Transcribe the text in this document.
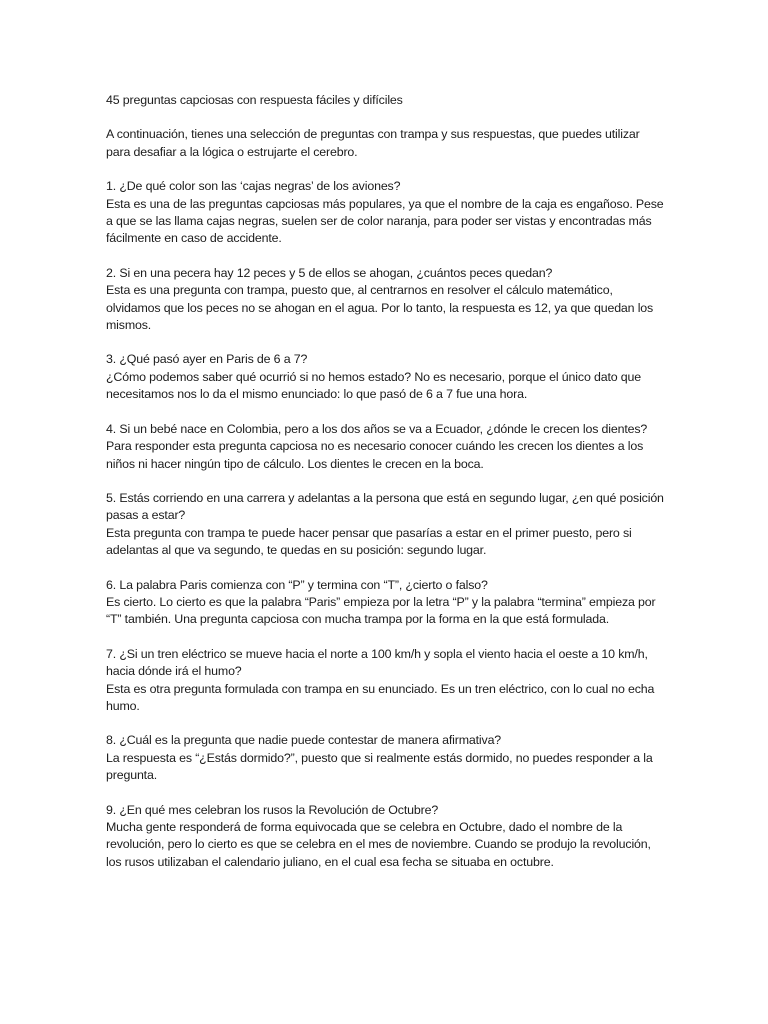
45 preguntas capciosas con respuesta fáciles y difíciles

A continuación, tienes una selección de preguntas con trampa y sus respuestas, que puedes utilizar para desafiar a la lógica o estrujarte el cerebro.

1. ¿De qué color son las ‘cajas negras’ de los aviones?

Esta es una de las preguntas capciosas más populares, ya que el nombre de la caja es engañoso. Pese a que se las llama cajas negras, suelen ser de color naranja, para poder ser vistas y encontradas más fácilmente en caso de accidente.

2. Si en una pecera hay 12 peces y 5 de ellos se ahogan, ¿cuántos peces quedan?

Esta es una pregunta con trampa, puesto que, al centrarnos en resolver el cálculo matemático, olvidamos que los peces no se ahogan en el agua. Por lo tanto, la respuesta es 12, ya que quedan los mismos.

3. ¿Qué pasó ayer en Paris de 6 a 7?

¿Cómo podemos saber qué ocurrió si no hemos estado? No es necesario, porque el único dato que necesitamos nos lo da el mismo enunciado: lo que pasó de 6 a 7 fue una hora.

4. Si un bebé nace en Colombia, pero a los dos años se va a Ecuador, ¿dónde le crecen los dientes?

Para responder esta pregunta capciosa no es necesario conocer cuándo les crecen los dientes a los niños ni hacer ningún tipo de cálculo. Los dientes le crecen en la boca.

5. Estás corriendo en una carrera y adelantas a la persona que está en segundo lugar, ¿en qué posición pasas a estar?

Esta pregunta con trampa te puede hacer pensar que pasarías a estar en el primer puesto, pero si adelantas al que va segundo, te quedas en su posición: segundo lugar.

6. La palabra Paris comienza con “P” y termina con “T”, ¿cierto o falso?

Es cierto. Lo cierto es que la palabra “Paris” empieza por la letra “P” y la palabra “termina” empieza por “T” también. Una pregunta capciosa con mucha trampa por la forma en la que está formulada.

7. ¿Si un tren eléctrico se mueve hacia el norte a 100 km/h y sopla el viento hacia el oeste a 10 km/h, hacia dónde irá el humo?

Esta es otra pregunta formulada con trampa en su enunciado. Es un tren eléctrico, con lo cual no echa humo.

8. ¿Cuál es la pregunta que nadie puede contestar de manera afirmativa?

La respuesta es “¿Estás dormido?”, puesto que si realmente estás dormido, no puedes responder a la pregunta.

9. ¿En qué mes celebran los rusos la Revolución de Octubre?

Mucha gente responderá de forma equivocada que se celebra en Octubre, dado el nombre de la revolución, pero lo cierto es que se celebra en el mes de noviembre. Cuando se produjo la revolución, los rusos utilizaban el calendario juliano, en el cual esa fecha se situaba en octubre.
